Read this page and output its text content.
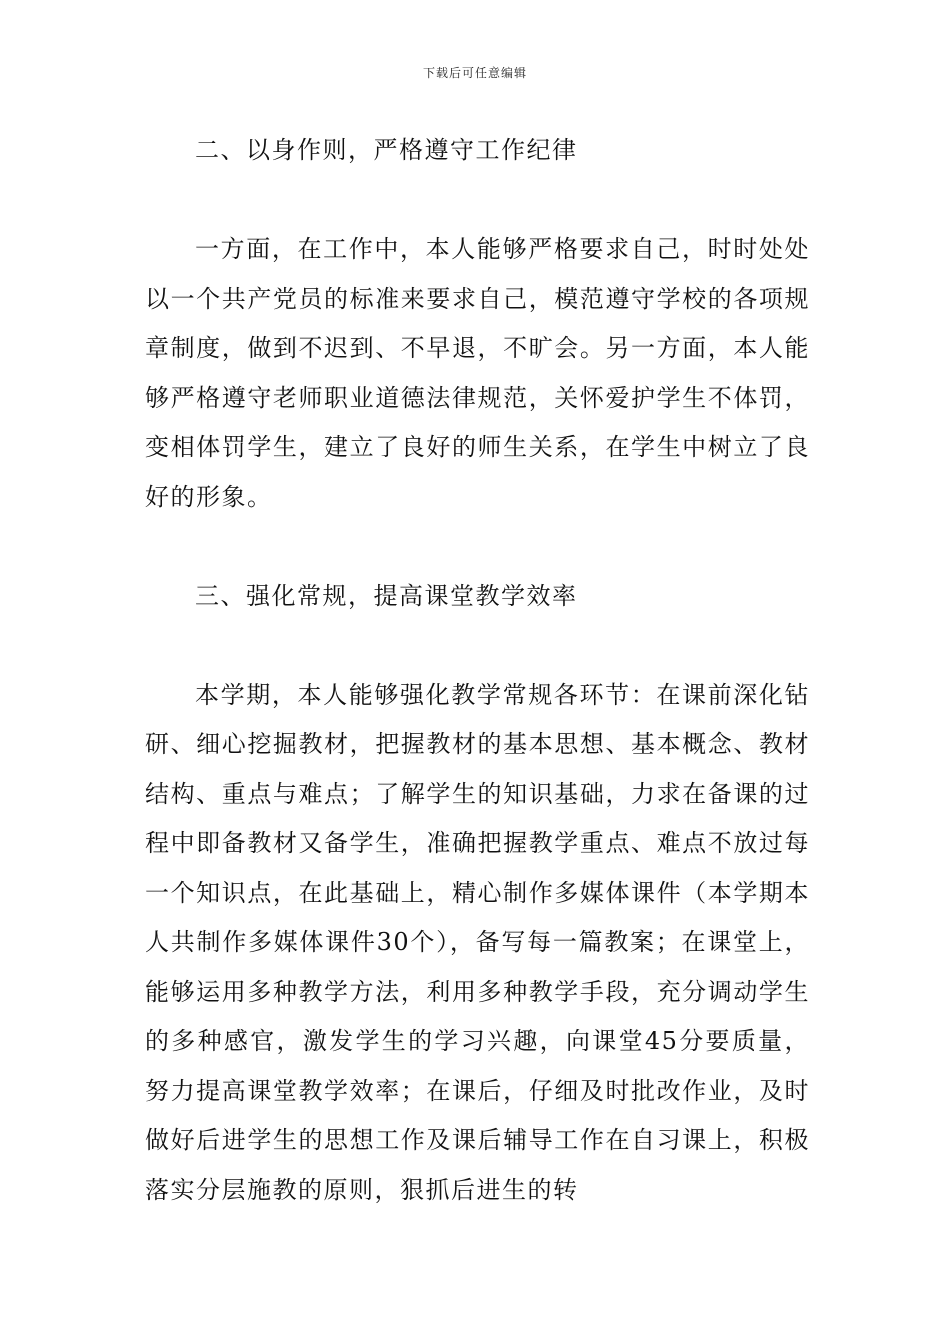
下载后可任意编辑

二、以身作则，严格遵守工作纪律

一方面，在工作中，本人能够严格要求自己，时时处处以一个共产党员的标准来要求自己，模范遵守学校的各项规章制度，做到不迟到、不早退，不旷会。另一方面，本人能够严格遵守老师职业道德法律规范，关怀爱护学生不体罚，变相体罚学生，建立了良好的师生关系，在学生中树立了良好的形象。

三、强化常规，提高课堂教学效率

本学期，本人能够强化教学常规各环节：在课前深化钻研、细心挖掘教材，把握教材的基本思想、基本概念、教材结构、重点与难点；了解学生的知识基础，力求在备课的过程中即备教材又备学生，准确把握教学重点、难点不放过每一个知识点，在此基础上，精心制作多媒体课件（本学期本人共制作多媒体课件30个），备写每一篇教案；在课堂上，能够运用多种教学方法，利用多种教学手段，充分调动学生的多种感官，激发学生的学习兴趣，向课堂45分要质量，努力提高课堂教学效率；在课后，仔细及时批改作业，及时做好后进学生的思想工作及课后辅导工作在自习课上，积极落实分层施教的原则，狠抓后进生的转
